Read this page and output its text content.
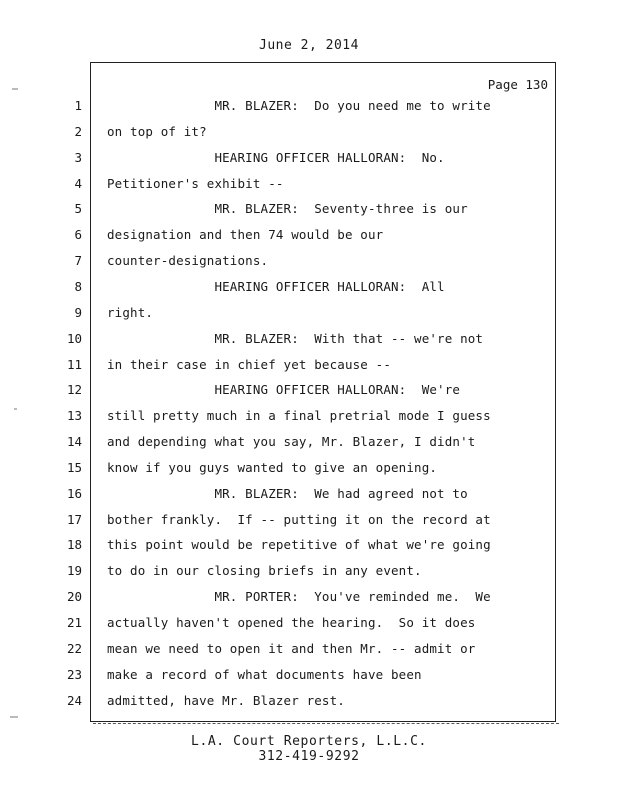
June 2, 2014
Page 130
1 MR. BLAZER:  Do you need me to write
2 on top of it?
3 HEARING OFFICER HALLORAN:  No.
4 Petitioner's exhibit --
5 MR. BLAZER:  Seventy-three is our
6 designation and then 74 would be our
7 counter-designations.
8 HEARING OFFICER HALLORAN:  All
9 right.
10 MR. BLAZER:  With that -- we're not
11 in their case in chief yet because --
12 HEARING OFFICER HALLORAN:  We're
13 still pretty much in a final pretrial mode I guess
14 and depending what you say, Mr. Blazer, I didn't
15 know if you guys wanted to give an opening.
16 MR. BLAZER:  We had agreed not to
17 bother frankly.  If -- putting it on the record at
18 this point would be repetitive of what we're going
19 to do in our closing briefs in any event.
20 MR. PORTER:  You've reminded me.  We
21 actually haven't opened the hearing.  So it does
22 mean we need to open it and then Mr. -- admit or
23 make a record of what documents have been
24 admitted, have Mr. Blazer rest.
L.A. Court Reporters, L.L.C.
312-419-9292
